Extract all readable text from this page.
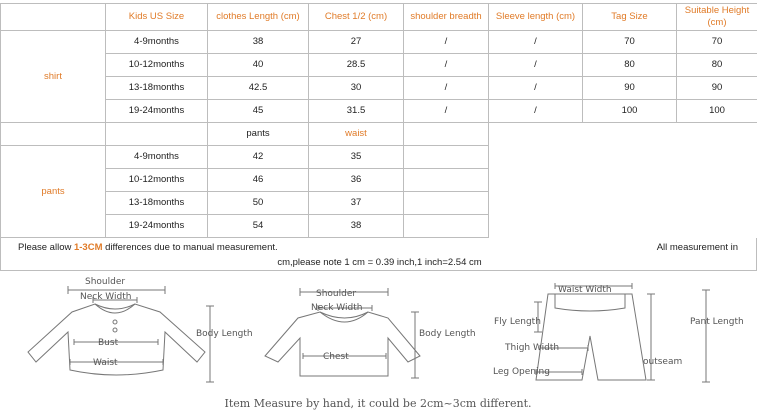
	Kids US Size	clothes Length (cm)	Chest 1/2 (cm)	shoulder breadth	Sleeve length (cm)	Tag Size	Suitable Height (cm)
shirt	4-9months	38	27	/	/	70	70
	10-12months	40	28.5	/	/	80	80
	13-18months	42.5	30	/	/	90	90
	19-24months	45	31.5	/	/	100	100
		pants	waist				
pants	4-9months	42	35				
	10-12months	46	36				
	13-18months	50	37				
	19-24months	54	38				
Please allow 1-3CM differences due to manual measurement.	All measurement in
cm,please note 1 cm = 0.39 inch,1 inch=2.54 cm
Shoulder
Neck Width
Bust
Waist
Body Length
Shoulder
Neck Width
Chest
Body Length
Waist Width
Fly Length	Pant Length
Thigh Width
outseam
Leg Opening
Item Measure by hand, it could be 2cm~3cm different.
